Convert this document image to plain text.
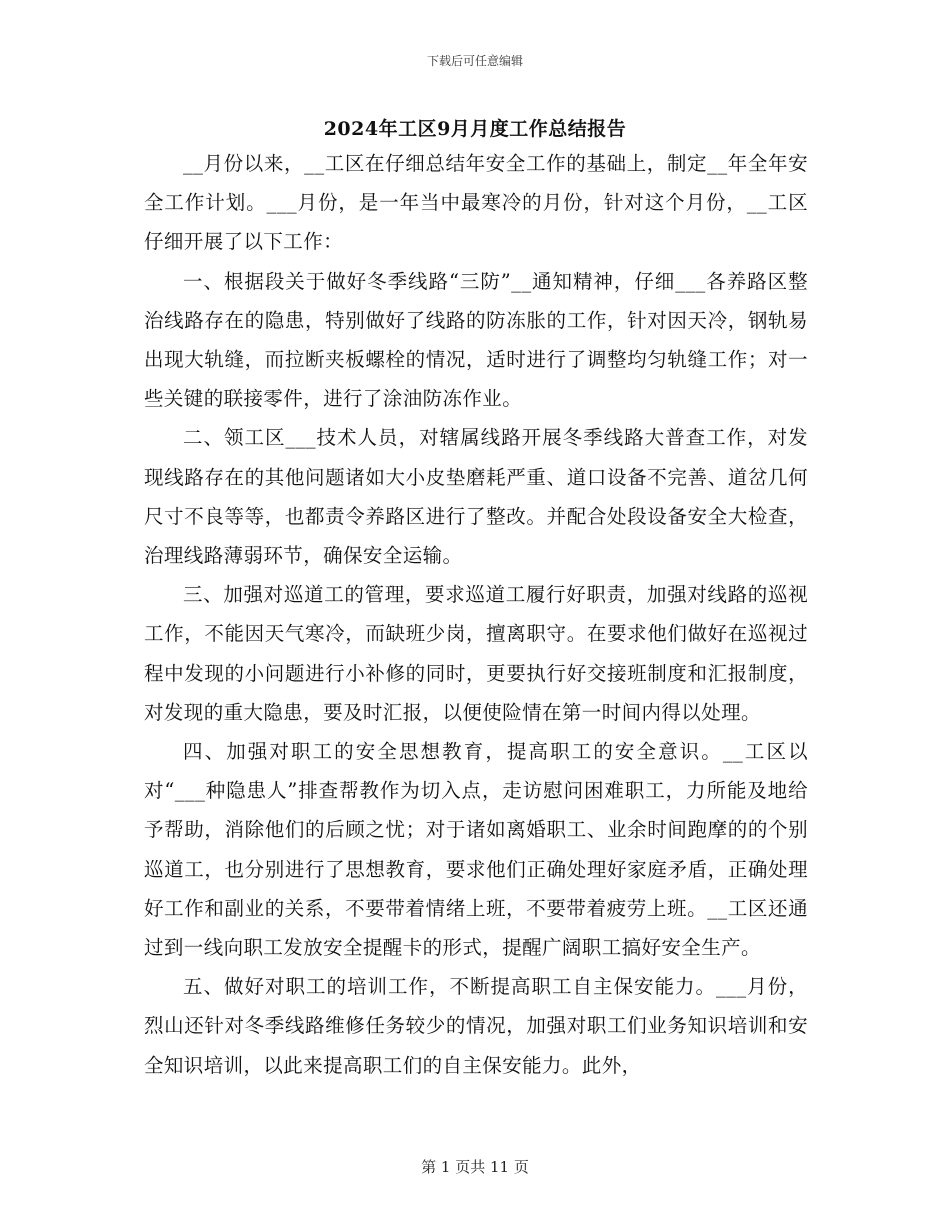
下载后可任意编辑
2024年工区9月月度工作总结报告

__月份以来，__工区在仔细总结年安全工作的基础上，制定__年全年安全工作计划。___月份，是一年当中最寒冷的月份，针对这个月份，__工区仔细开展了以下工作：

一、根据段关于做好冬季线路“三防”__通知精神，仔细___各养路区整治线路存在的隐患，特别做好了线路的防冻胀的工作，针对因天冷，钢轨易出现大轨缝，而拉断夹板螺栓的情况，适时进行了调整均匀轨缝工作；对一些关键的联接零件，进行了涂油防冻作业。

二、领工区___技术人员，对辖属线路开展冬季线路大普查工作，对发现线路存在的其他问题诸如大小皮垫磨耗严重、道口设备不完善、道岔几何尺寸不良等等，也都责令养路区进行了整改。并配合处段设备安全大检查，治理线路薄弱环节，确保安全运输。

三、加强对巡道工的管理，要求巡道工履行好职责，加强对线路的巡视工作，不能因天气寒冷，而缺班少岗，擅离职守。在要求他们做好在巡视过程中发现的小问题进行小补修的同时，更要执行好交接班制度和汇报制度，对发现的重大隐患，要及时汇报，以便使险情在第一时间内得以处理。

四、加强对职工的安全思想教育，提高职工的安全意识。__工区以对“___种隐患人”排查帮教作为切入点，走访慰问困难职工，力所能及地给予帮助，消除他们的后顾之忧；对于诸如离婚职工、业余时间跑摩的的个别巡道工，也分别进行了思想教育，要求他们正确处理好家庭矛盾，正确处理好工作和副业的关系，不要带着情绪上班，不要带着疲劳上班。__工区还通过到一线向职工发放安全提醒卡的形式，提醒广阔职工搞好安全生产。

五、做好对职工的培训工作，不断提高职工自主保安能力。___月份，烈山还针对冬季线路维修任务较少的情况，加强对职工们业务知识培训和安全知识培训，以此来提高职工们的自主保安能力。此外，

第 1 页共 11 页
